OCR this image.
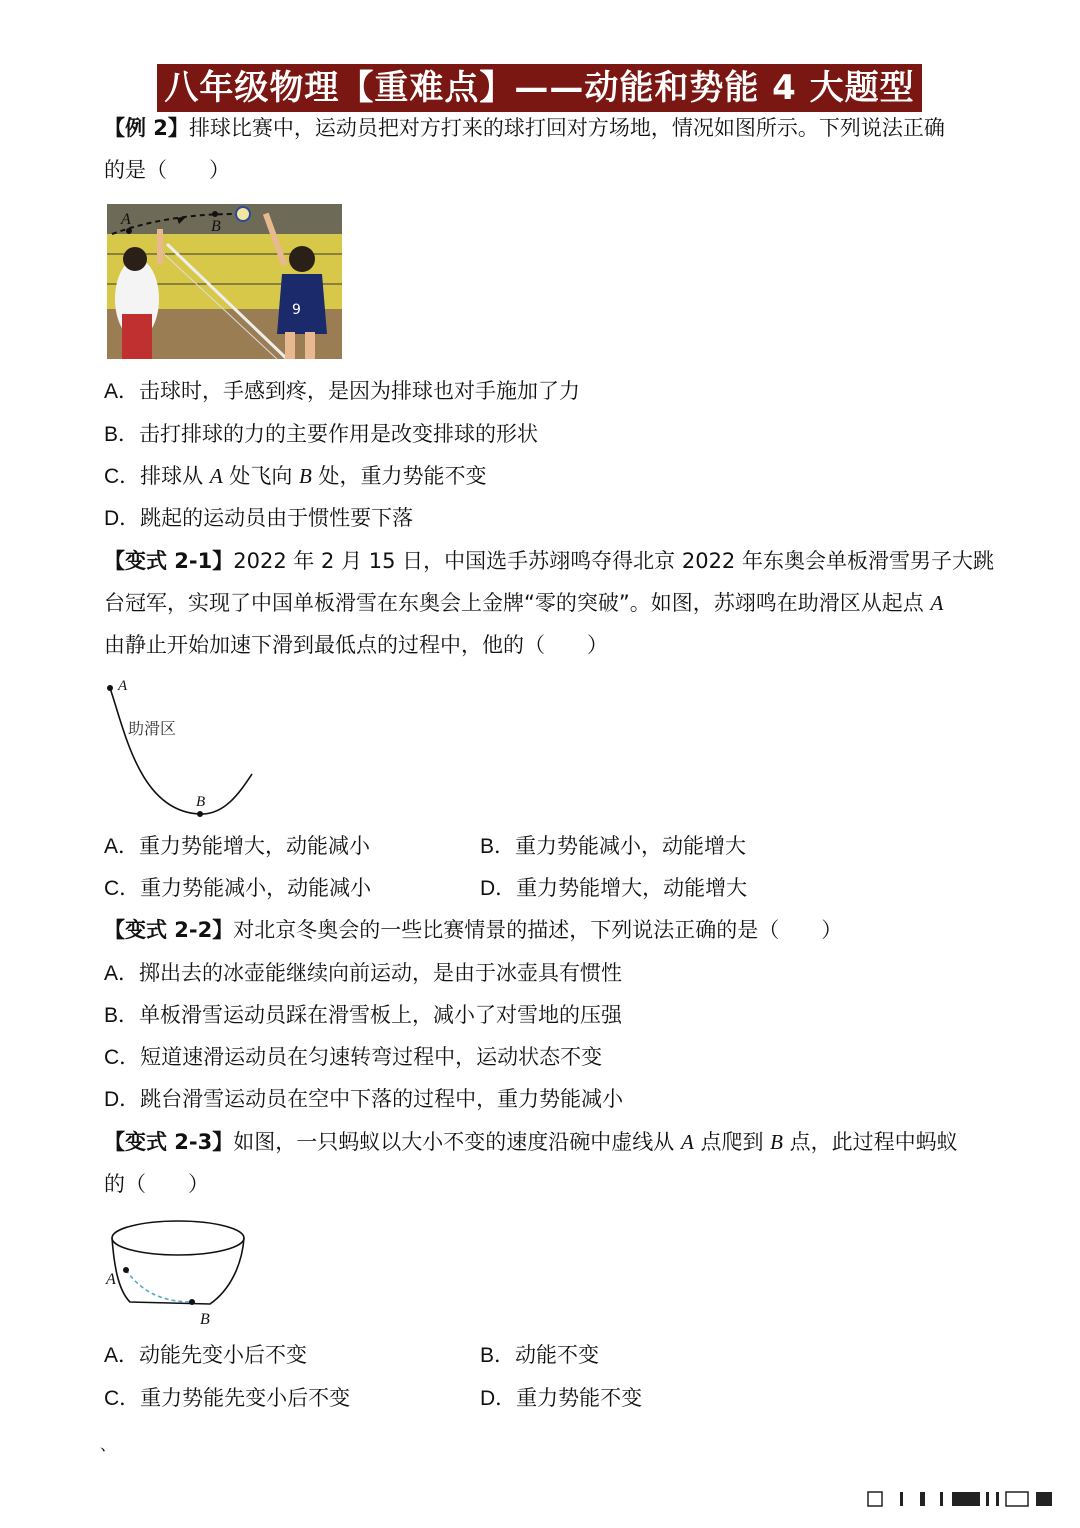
八年级物理【重难点】——动能和势能 4 大题型
【例 2】排球比赛中，运动员把对方打来的球打回对方场地，情况如图所示。下列说法正确
的是（　　）
9
A	B
A．击球时，手感到疼，是因为排球也对手施加了力
B．击打排球的力的主要作用是改变排球的形状
C．排球从 A 处飞向 B 处，重力势能不变
D．跳起的运动员由于惯性要下落
【变式 2-1】2022 年 2 月 15 日，中国选手苏翊鸣夺得北京 2022 年东奥会单板滑雪男子大跳
台冠军，实现了中国单板滑雪在东奥会上金牌“零的突破”。如图，苏翊鸣在助滑区从起点 A
由静止开始加速下滑到最低点的过程中，他的（　　）
A
B
助滑区
A．重力势能增大，动能减小	B．重力势能减小，动能增大
C．重力势能减小，动能减小	D．重力势能增大，动能增大
【变式 2-2】对北京冬奥会的一些比赛情景的描述，下列说法正确的是（　　）
A．掷出去的冰壶能继续向前运动，是由于冰壶具有惯性
B．单板滑雪运动员踩在滑雪板上，减小了对雪地的压强
C．短道速滑运动员在匀速转弯过程中，运动状态不变
D．跳台滑雪运动员在空中下落的过程中，重力势能减小
【变式 2-3】如图，一只蚂蚁以大小不变的速度沿碗中虚线从 A 点爬到 B 点，此过程中蚂蚁
的（　　）
A
B
A．动能先变小后不变	B．动能不变
C．重力势能先变小后不变	D．重力势能不变
、
